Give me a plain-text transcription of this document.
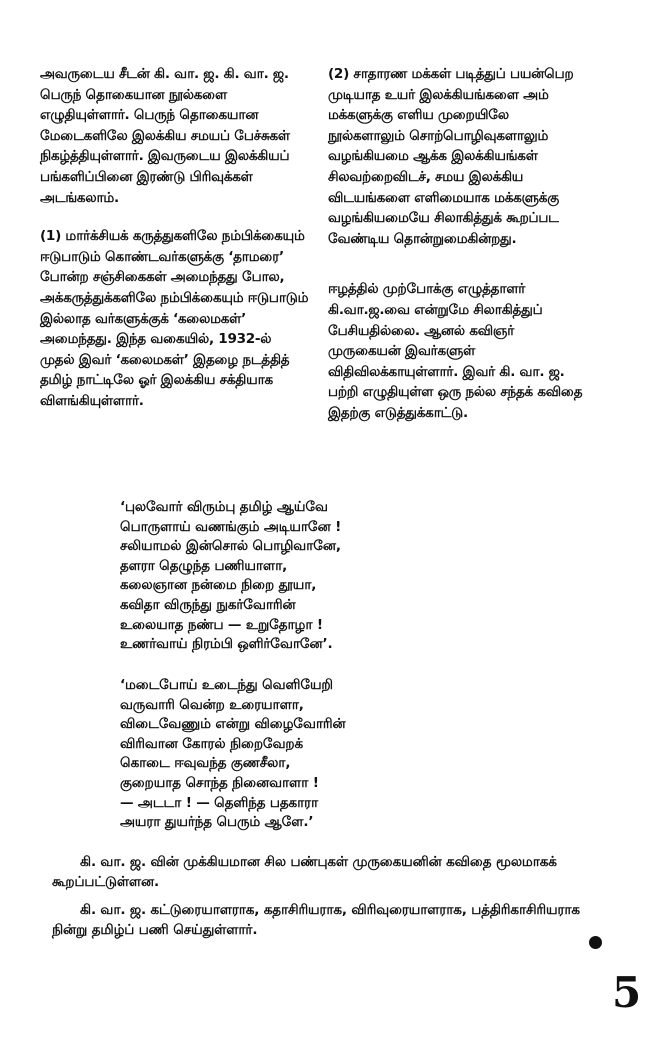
அவருடைய சீடன் கி. வா. ஜ. கி. வா. ஜ. பெருந் தொகையான நூல்களை எழுதியுள்ளார். பெருந் தொகையான மேடைகளிலே இலக்கிய சமயப் பேச்சுகள் நிகழ்த்தியுள்ளார். இவருடைய இலக்கியப் பங்களிப்பினை இரண்டு பிரிவுக்கள் அடங்கலாம்.

(1) மார்க்சியக் கருத்துகளிலே நம்பிக்கையும் ஈடுபாடும் கொண்டவர்களுக்கு ‘தாமரை’ போன்ற சஞ்சிகைகள் அமைந்தது போல, அக்கருத்துக்களிலே நம்பிக்கையும் ஈடுபாடும் இல்லாத வர்களுக்குக் ‘கலைமகள்’ அமைந்தது. இந்த வகையில், 1932-ல் முதல் இவர் ‘கலைமகள்’ இதழை நடத்தித் தமிழ் நாட்டிலே ஓர் இலக்கிய சக்தியாக விளங்கியுள்ளார்.

(2) சாதாரண மக்கள் படித்துப் பயன்பெற முடியாத உயர் இலக்கியங்களை அம் மக்களுக்கு எளிய முறையிலே நூல்களாலும் சொற்பொழிவுகளாலும் வழங்கியமை ஆக்க இலக்கியங்கள் சிலவற்றைவிடச், சமய இலக்கிய விடயங்களை எளிமையாக மக்களுக்கு வழங்கியமையே சிலாகித்துக் கூறப்பட வேண்டிய தொன்றுமைகின்றது.

ஈழத்தில் முற்போக்கு எழுத்தாளர் கி.வா.ஜ.வை என்றுமே சிலாகித்துப் பேசியதில்லை. ஆனல் கவிஞர் முருகையன் இவர்களுள் விதிவிலக்காயுள்ளார். இவர் கி. வா. ஜ. பற்றி எழுதியுள்ள ஒரு நல்ல சந்தக் கவிதை இதற்கு எடுத்துக்காட்டு.

‘புலவோர் விரும்பு தமிழ் ஆய்வே
பொருளாய் வணங்கும் அடியானே !
சலியாமல் இன்சொல் பொழிவானே,
தளரா தெழுந்த பணியாளா,
கலைஞான நன்மை நிறை தூயா,
கவிதா விருந்து நுகர்வோரின்
உலையாத நண்ப — உறுதோழா !
உணர்வாய் நிரம்பி ஒளிர்வோனே’.
‘மடைபோய் உடைந்து வெளியேறி
வருவாரி வென்ற உரையாளா,
விடைவேணும் என்று விழைவோரின்
விரிவான கோரல் நிறைவேறக்
கொடை ஈவுவந்த குணசீலா,
குறையாத சொந்த நினைவாளா !
— அடடா ! — தெளிந்த பதகாரா
அயரா துயர்ந்த பெரும் ஆளே.’

கி. வா. ஜ. வின் முக்கியமான சில பண்புகள் முருகையனின் கவிதை மூலமாகக் கூறப்பட்டுள்ளன.

கி. வா. ஜ. கட்டுரையாளராக, கதாசிரியராக, விரிவுரையாளராக, பத்திரிகாசிரியராக நின்று தமிழ்ப் பணி செய்துள்ளார்.

5
